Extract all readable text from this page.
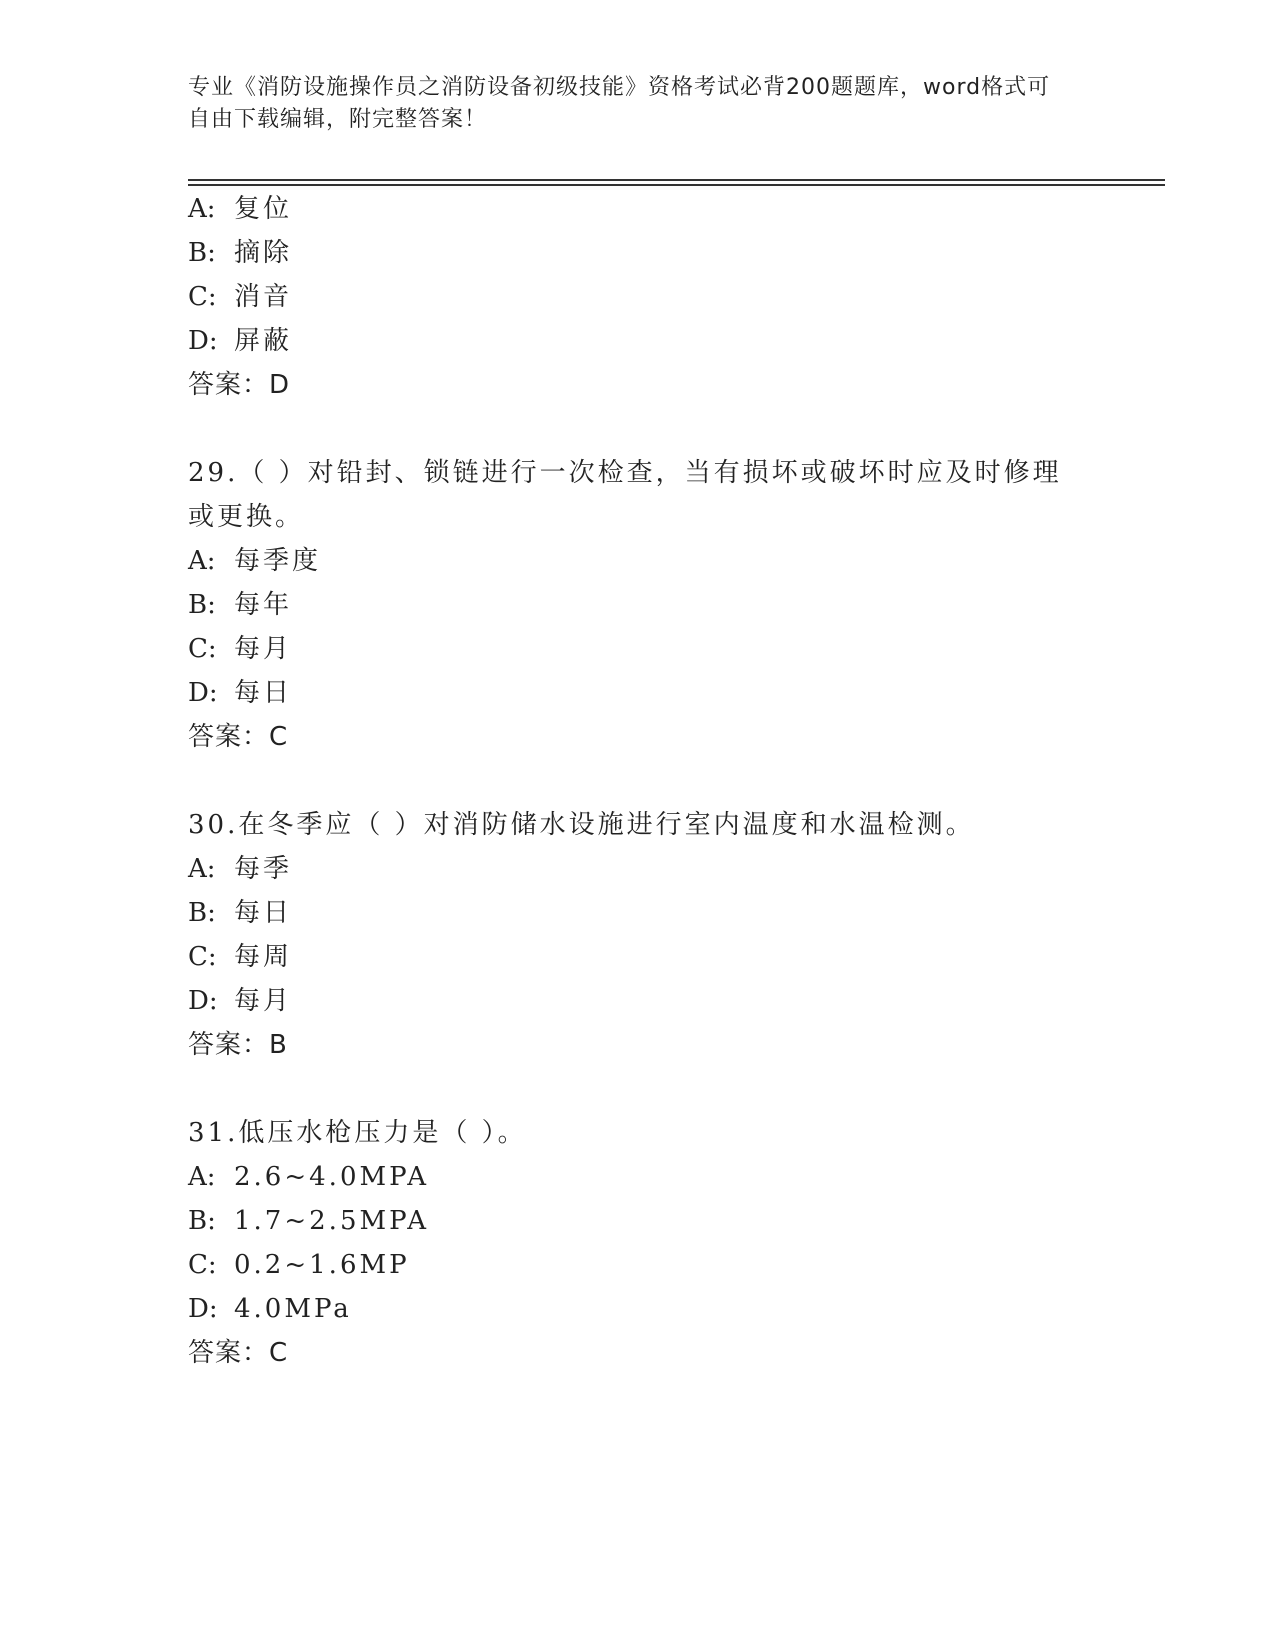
专业《消防设施操作员之消防设备初级技能》资格考试必背200题题库，word格式可自由下载编辑，附完整答案！
A: 复位
B: 摘除
C: 消音
D: 屏蔽
答案：D
29.（ ）对铅封、锁链进行一次检查，当有损坏或破坏时应及时修理
或更换。
A: 每季度
B: 每年
C: 每月
D: 每日
答案：C
30.在冬季应（ ）对消防储水设施进行室内温度和水温检测。
A: 每季
B: 每日
C: 每周
D: 每月
答案：B
31.低压水枪压力是（ ）。
A: 2.6~4.0MPA
B: 1.7~2.5MPA
C: 0.2~1.6MP
D: 4.0MPa
答案：C
